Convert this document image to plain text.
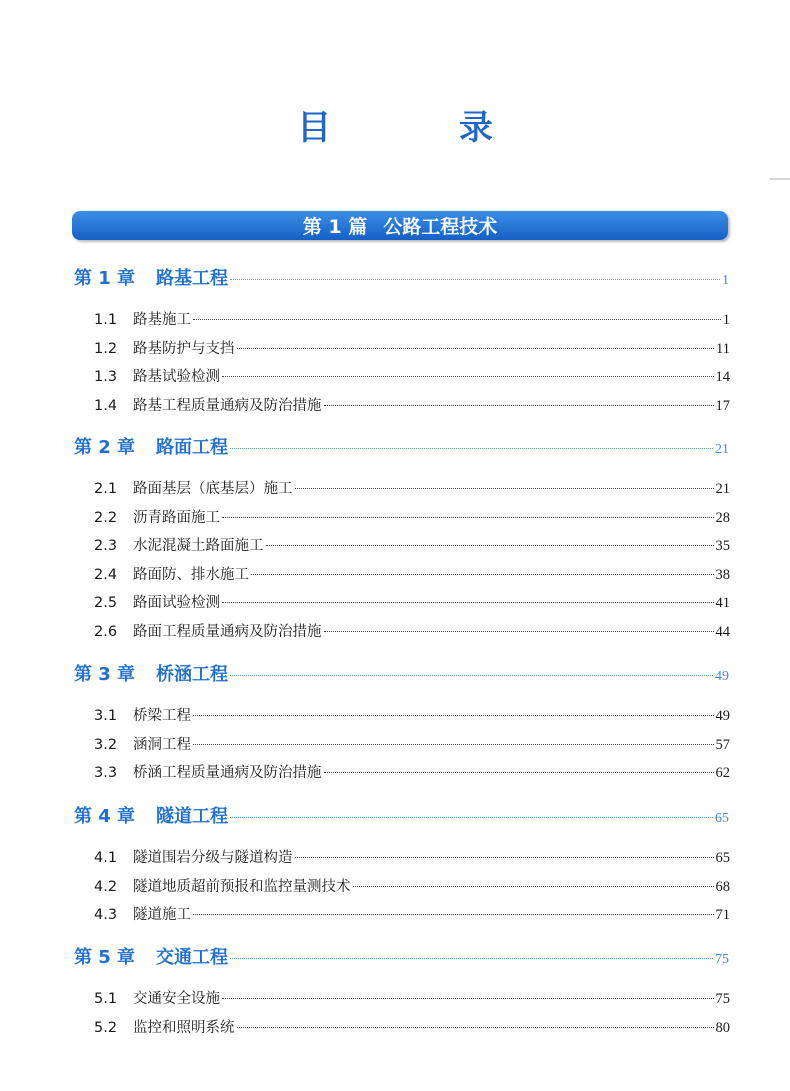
目 录
第 1 篇 公路工程技术
第 1 章	路基工程	1
1.1	路基施工	1
1.2	路基防护与支挡	11
1.3	路基试验检测	14
1.4	路基工程质量通病及防治措施	17
第 2 章	路面工程	21
2.1	路面基层（底基层）施工	21
2.2	沥青路面施工	28
2.3	水泥混凝土路面施工	35
2.4	路面防、排水施工	38
2.5	路面试验检测	41
2.6	路面工程质量通病及防治措施	44
第 3 章	桥涵工程	49
3.1	桥梁工程	49
3.2	涵洞工程	57
3.3	桥涵工程质量通病及防治措施	62
第 4 章	隧道工程	65
4.1	隧道围岩分级与隧道构造	65
4.2	隧道地质超前预报和监控量测技术	68
4.3	隧道施工	71
第 5 章	交通工程	75
5.1	交通安全设施	75
5.2	监控和照明系统	80
